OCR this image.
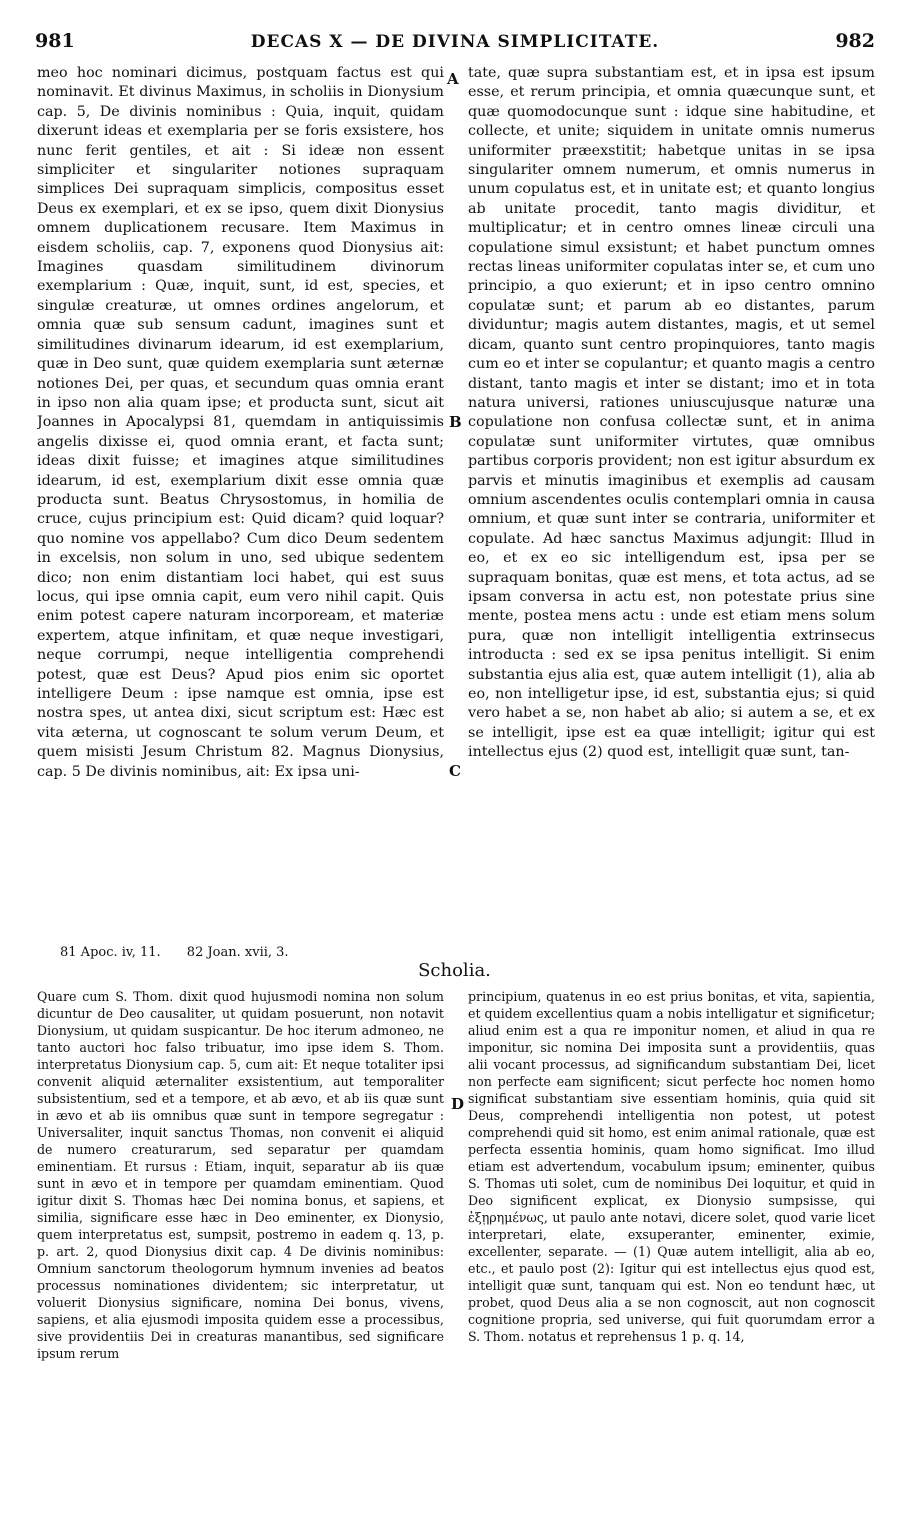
981	DECAS X — DE DIVINA SIMPLICITATE.	982

meo hoc nominari dicimus, postquam factus est qui nominavit. Et divinus Maximus, in scholiis in Dionysium cap. 5, De divinis nominibus : Quia, inquit, quidam dixerunt ideas et exemplaria per se foris exsistere, hos nunc ferit gentiles, et ait : Si ideæ non essent simpliciter et singulariter notiones supraquam simplices Dei supraquam simplicis, compositus esset Deus ex exemplari, et ex se ipso, quem dixit Dionysius omnem duplicationem recusare. Item Maximus in eisdem scholiis, cap. 7, exponens quod Dionysius ait: Imagines quasdam similitudinem divinorum exemplarium : Quæ, inquit, sunt, id est, species, et singulæ creaturæ, ut omnes ordines angelorum, et omnia quæ sub sensum cadunt, imagines sunt et similitudines divinarum idearum, id est exemplarium, quæ in Deo sunt, quæ quidem exemplaria sunt æternæ notiones Dei, per quas, et secundum quas omnia erant in ipso non alia quam ipse; et producta sunt, sicut ait Joannes in Apocalypsi 81, quemdam in antiquissimis angelis dixisse ei, quod omnia erant, et facta sunt; ideas dixit fuisse; et imagines atque similitudines idearum, id est, exemplarium dixit esse omnia quæ producta sunt. Beatus Chrysostomus, in homilia de cruce, cujus principium est: Quid dicam? quid loquar? quo nomine vos appellabo? Cum dico Deum sedentem in excelsis, non solum in uno, sed ubique sedentem dico; non enim distantiam loci habet, qui est suus locus, qui ipse omnia capit, eum vero nihil capit. Quis enim potest capere naturam incorpoream, et materiæ expertem, atque infinitam, et quæ neque investigari, neque corrumpi, neque intelligentia comprehendi potest, quæ est Deus? Apud pios enim sic oportet intelligere Deum : ipse namque est omnia, ipse est nostra spes, ut antea dixi, sicut scriptum est: Hæc est vita æterna, ut cognoscant te solum verum Deum, et quem misisti Jesum Christum 82. Magnus Dionysius, cap. 5 De divinis nominibus, ait: Ex ipsa uni-

A
B
C
D

tate, quæ supra substantiam est, et in ipsa est ipsum esse, et rerum principia, et omnia quæcunque sunt, et quæ quomodocunque sunt : idque sine habitudine, et collecte, et unite; siquidem in unitate omnis numerus uniformiter præexstitit; habetque unitas in se ipsa singulariter omnem numerum, et omnis numerus in unum copulatus est, et in unitate est; et quanto longius ab unitate procedit, tanto magis dividitur, et multiplicatur; et in centro omnes lineæ circuli una copulatione simul exsistunt; et habet punctum omnes rectas lineas uniformiter copulatas inter se, et cum uno principio, a quo exierunt; et in ipso centro omnino copulatæ sunt; et parum ab eo distantes, parum dividuntur; magis autem distantes, magis, et ut semel dicam, quanto sunt centro propinquiores, tanto magis cum eo et inter se copulantur; et quanto magis a centro distant, tanto magis et inter se distant; imo et in tota natura universi, rationes uniuscujusque naturæ una copulatione non confusa collectæ sunt, et in anima copulatæ sunt uniformiter virtutes, quæ omnibus partibus corporis provident; non est igitur absurdum ex parvis et minutis imaginibus et exemplis ad causam omnium ascendentes oculis contemplari omnia in causa omnium, et quæ sunt inter se contraria, uniformiter et copulate. Ad hæc sanctus Maximus adjungit: Illud in eo, et ex eo sic intelligendum est, ipsa per se supraquam bonitas, quæ est mens, et tota actus, ad se ipsam conversa in actu est, non potestate prius sine mente, postea mens actu : unde est etiam mens solum pura, quæ non intelligit intelligentia extrinsecus introducta : sed ex se ipsa penitus intelligit. Si enim substantia ejus alia est, quæ autem intelligit (1), alia ab eo, non intelligetur ipse, id est, substantia ejus; si quid vero habet a se, non habet ab alio; si autem a se, et ex se intelligit, ipse est ea quæ intelligit; igitur qui est intellectus ejus (2) quod est, intelligit quæ sunt, tan-

81 Apoc. iv, 11. 82 Joan. xvii, 3.
Scholia.

Quare cum S. Thom. dixit quod hujusmodi nomina non solum dicuntur de Deo causaliter, ut quidam posuerunt, non notavit Dionysium, ut quidam suspicantur. De hoc iterum admoneo, ne tanto auctori hoc falso tribuatur, imo ipse idem S. Thom. interpretatus Dionysium cap. 5, cum ait: Et neque totaliter ipsi convenit aliquid æternaliter exsistentium, aut temporaliter subsistentium, sed et a tempore, et ab ævo, et ab iis quæ sunt in ævo et ab iis omnibus quæ sunt in tempore segregatur : Universaliter, inquit sanctus Thomas, non convenit ei aliquid de numero creaturarum, sed separatur per quamdam eminentiam. Et rursus : Etiam, inquit, separatur ab iis quæ sunt in ævo et in tempore per quamdam eminentiam. Quod igitur dixit S. Thomas hæc Dei nomina bonus, et sapiens, et similia, significare esse hæc in Deo eminenter, ex Dionysio, quem interpretatus est, sumpsit, postremo in eadem q. 13, p. p. art. 2, quod Dionysius dixit cap. 4 De divinis nominibus: Omnium sanctorum theologorum hymnum invenies ad beatos processus nominationes dividentem; sic interpretatur, ut voluerit Dionysius significare, nomina Dei bonus, vivens, sapiens, et alia ejusmodi imposita quidem esse a processibus, sive providentiis Dei in creaturas manantibus, sed significare ipsum rerum

principium, quatenus in eo est prius bonitas, et vita, sapientia, et quidem excellentius quam a nobis intelligatur et significetur; aliud enim est a qua re imponitur nomen, et aliud in qua re imponitur, sic nomina Dei imposita sunt a providentiis, quas alii vocant processus, ad significandum substantiam Dei, licet non perfecte eam significent; sicut perfecte hoc nomen homo significat substantiam sive essentiam hominis, quia quid sit Deus, comprehendi intelligentia non potest, ut potest comprehendi quid sit homo, est enim animal rationale, quæ est perfecta essentia hominis, quam homo significat. Imo illud etiam est advertendum, vocabulum ipsum; eminenter, quibus S. Thomas uti solet, cum de nominibus Dei loquitur, et quid in Deo significent explicat, ex Dionysio sumpsisse, qui ἐξῃρημένως, ut paulo ante notavi, dicere solet, quod varie licet interpretari, elate, exsuperanter, eminenter, eximie, excellenter, separate. — (1) Quæ autem intelligit, alia ab eo, etc., et paulo post (2): Igitur qui est intellectus ejus quod est, intelligit quæ sunt, tanquam qui est. Non eo tendunt hæc, ut probet, quod Deus alia a se non cognoscit, aut non cognoscit cognitione propria, sed universe, qui fuit quorumdam error a S. Thom. notatus et reprehensus 1 p. q. 14,
